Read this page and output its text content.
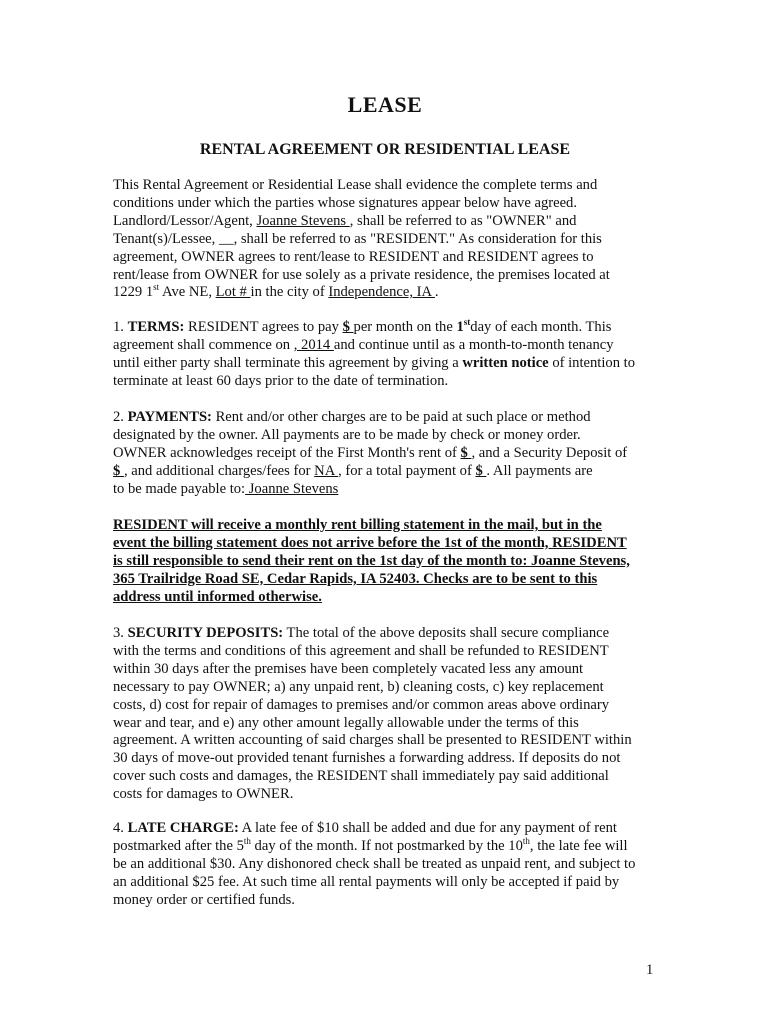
LEASE
RENTAL AGREEMENT OR RESIDENTIAL LEASE
This Rental Agreement or Residential Lease shall evidence the complete terms and
conditions under which the parties whose signatures appear below have agreed.
Landlord/Lessor/Agent, Joanne Stevens , shall be referred to as "OWNER" and
Tenant(s)/Lessee, __, shall be referred to as "RESIDENT." As consideration for this
agreement, OWNER agrees to rent/lease to RESIDENT and RESIDENT agrees to
rent/lease from OWNER for use solely as a private residence, the premises located at
1229 1st Ave NE, Lot # in the city of Independence, IA .
1. TERMS: RESIDENT agrees to pay $ per month on the 1stday of each month. This
agreement shall commence on , 2014 and continue until as a month-to-month tenancy
until either party shall terminate this agreement by giving a written notice of intention to
terminate at least 60 days prior to the date of termination.
2. PAYMENTS: Rent and/or other charges are to be paid at such place or method
designated by the owner. All payments are to be made by check or money order.
OWNER acknowledges receipt of the First Month's rent of $ , and a Security Deposit of
$ , and additional charges/fees for NA , for a total payment of $ . All payments are
to be made payable to: Joanne Stevens
RESIDENT will receive a monthly rent billing statement in the mail, but in the
event the billing statement does not arrive before the 1st of the month, RESIDENT
is still responsible to send their rent on the 1st day of the month to: Joanne Stevens,
365 Trailridge Road SE, Cedar Rapids, IA 52403. Checks are to be sent to this
address until informed otherwise.
3. SECURITY DEPOSITS: The total of the above deposits shall secure compliance
with the terms and conditions of this agreement and shall be refunded to RESIDENT
within 30 days after the premises have been completely vacated less any amount
necessary to pay OWNER; a) any unpaid rent, b) cleaning costs, c) key replacement
costs, d) cost for repair of damages to premises and/or common areas above ordinary
wear and tear, and e) any other amount legally allowable under the terms of this
agreement. A written accounting of said charges shall be presented to RESIDENT within
30 days of move-out provided tenant furnishes a forwarding address. If deposits do not
cover such costs and damages, the RESIDENT shall immediately pay said additional
costs for damages to OWNER.
4. LATE CHARGE: A late fee of $10 shall be added and due for any payment of rent
postmarked after the 5th day of the month. If not postmarked by the 10th, the late fee will
be an additional $30. Any dishonored check shall be treated as unpaid rent, and subject to
an additional $25 fee. At such time all rental payments will only be accepted if paid by
money order or certified funds.
1
